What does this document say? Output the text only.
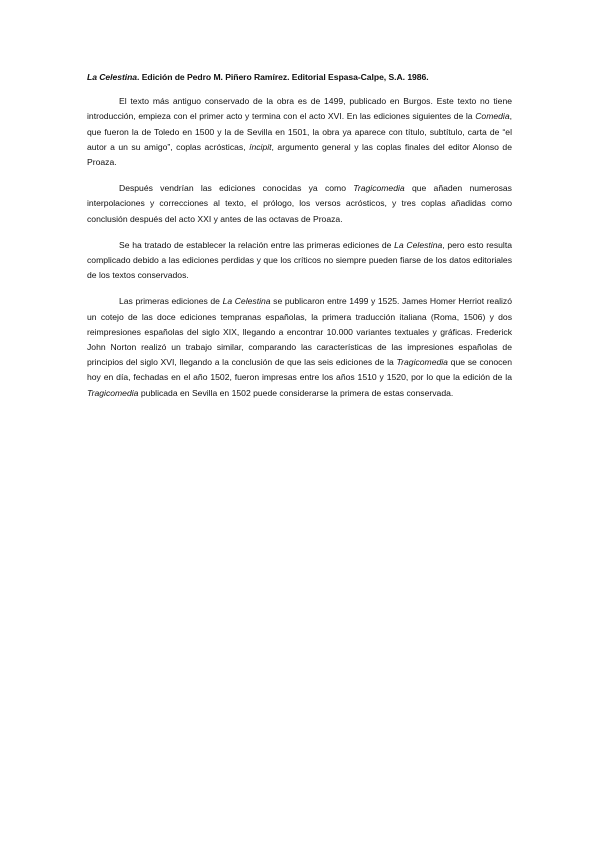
La Celestina. Edición de Pedro M. Piñero Ramírez. Editorial Espasa-Calpe, S.A. 1986.

El texto más antiguo conservado de la obra es de 1499, publicado en Burgos. Este texto no tiene introducción, empieza con el primer acto y termina con el acto XVI. En las ediciones siguientes de la Comedia, que fueron la de Toledo en 1500 y la de Sevilla en 1501, la obra ya aparece con título, subtítulo, carta de “el autor a un su amigo”, coplas acrósticas, íncipit, argumento general y las coplas finales del editor Alonso de Proaza.

Después vendrían las ediciones conocidas ya como Tragicomedia que añaden numerosas interpolaciones y correcciones al texto, el prólogo, los versos acrósticos, y tres coplas añadidas como conclusión después del acto XXI y antes de las octavas de Proaza.

Se ha tratado de establecer la relación entre las primeras ediciones de La Celestina, pero esto resulta complicado debido a las ediciones perdidas y que los críticos no siempre pueden fiarse de los datos editoriales de los textos conservados.

Las primeras ediciones de La Celestina se publicaron entre 1499 y 1525. James Homer Herriot realizó un cotejo de las doce ediciones tempranas españolas, la primera traducción italiana (Roma, 1506) y dos reimpresiones españolas del siglo XIX, llegando a encontrar 10.000 variantes textuales y gráficas. Frederick John Norton realizó un trabajo similar, comparando las características de las impresiones españolas de principios del siglo XVI, llegando a la conclusión de que las seis ediciones de la Tragicomedia que se conocen hoy en día, fechadas en el año 1502, fueron impresas entre los años 1510 y 1520, por lo que la edición de la Tragicomedia publicada en Sevilla en 1502 puede considerarse la primera de estas conservada.
